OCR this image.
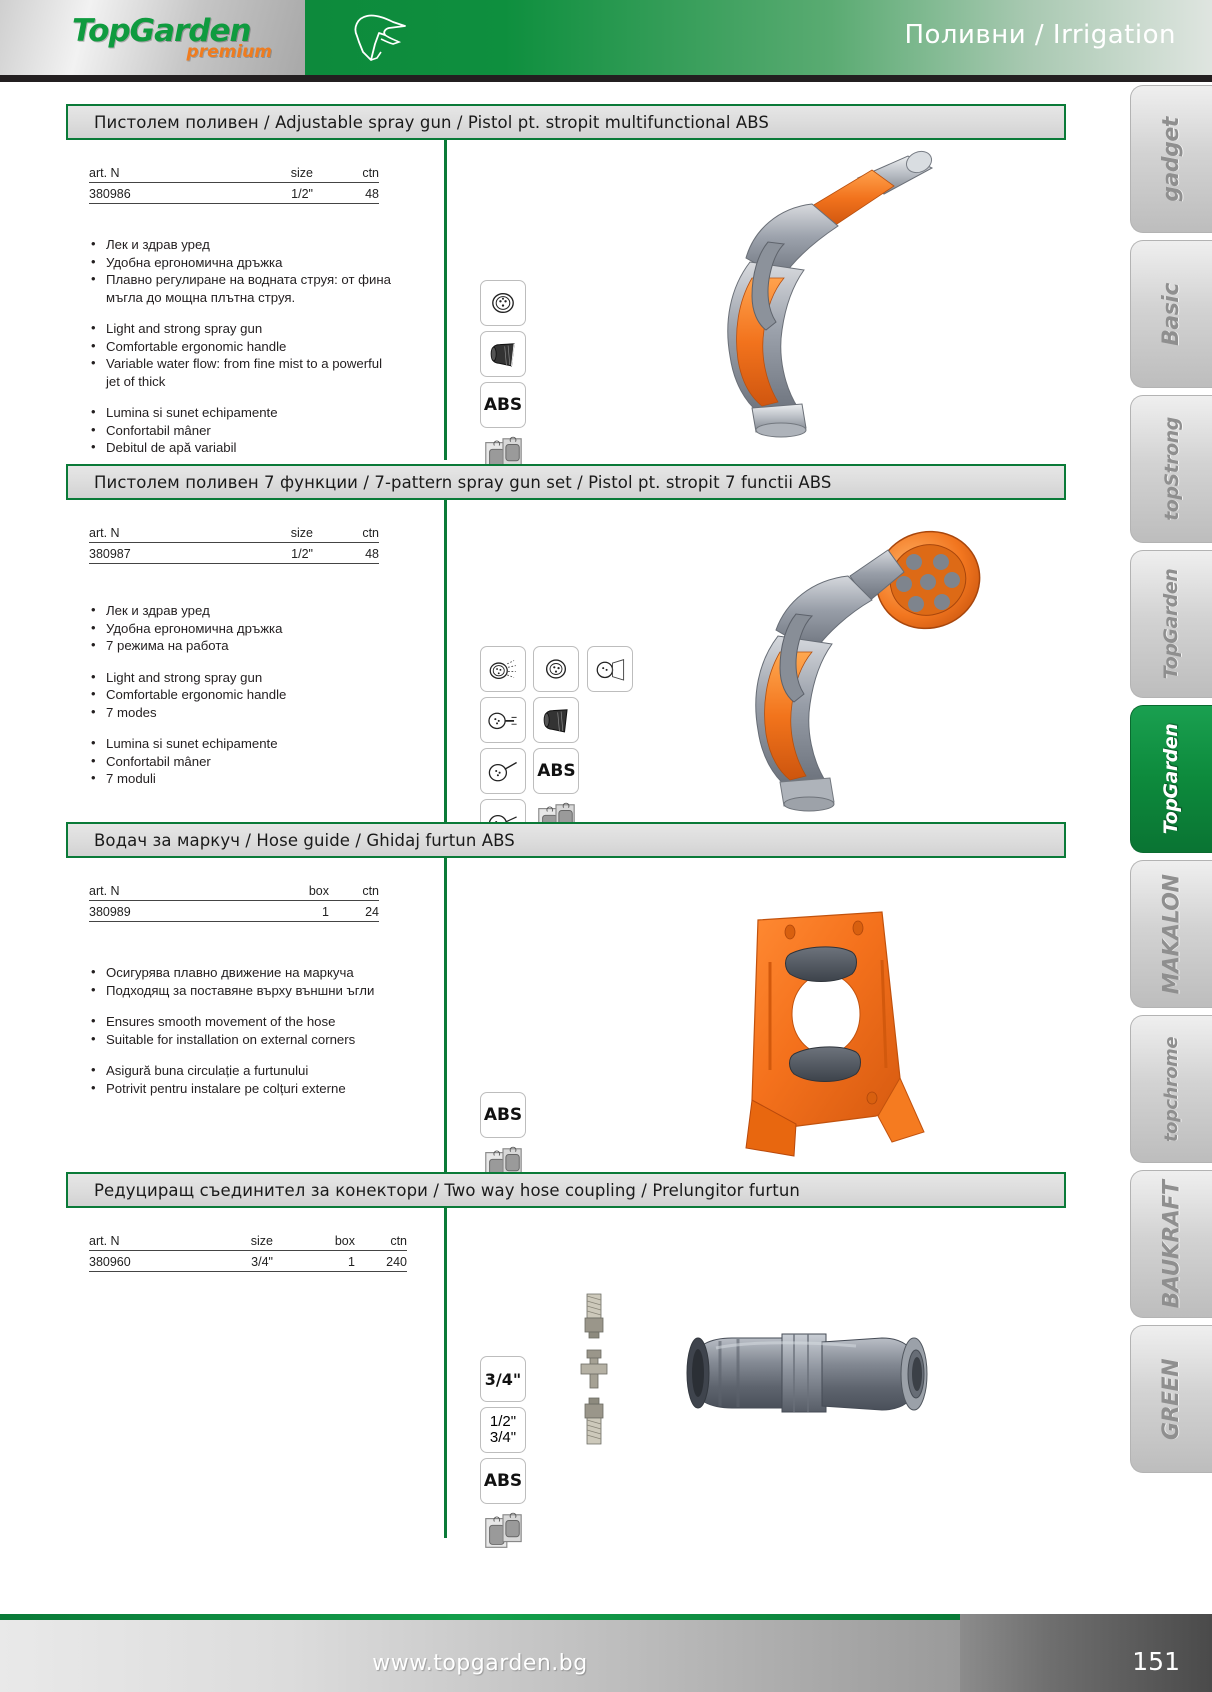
TopGarden
premium
Поливни / Irrigation
gadget
Basic
topStrong
TopGarden
TopGarden
MAKALON
topchrome
BAUKRAFT
GREEN
Пистолем поливен / Adjustable spray gun / Pistol pt. stropit multifunctional ABS
art. N	size	ctn
380986	1/2"	48
• Лек и здрав уред
• Удобна ергономична дръжка
• Плавно регулиране на водната струя: от фина
мъгла до мощна плътна струя.
• Light and strong spray gun
• Comfortable ergonomic handle
• Variable water flow: from fine mist to a powerful
jet of thick
• Lumina si sunet echipamente
• Confortabil mâner
• Debitul de apă variabil

ABS
Пистолем поливен 7 функции / 7-pattern spray gun set / Pistol pt. stropit 7 functii ABS
art. N	size	ctn
380987	1/2"	48
• Лек и здрав уред
• Удобна ергономична дръжка
• 7 режима на работа
• Light and strong spray gun
• Comfortable ergonomic handle
• 7 modes
• Lumina si sunet echipamente
• Confortabil mâner
• 7 moduli

	ABS

Водач за маркуч / Hose guide / Ghidaj furtun ABS
art. N	box	ctn
380989	1	24
• Осигурява плавно движение на маркуча
• Подходящ за поставяне върху външни ъгли
• Ensures smooth movement of the hose
• Suitable for installation on external corners
• Asigură buna circulație a furtunului
• Potrivit pentru instalare pe colțuri externe
ABS

Редуциращ съединител за конектори / Two way hose coupling / Prelungitor furtun
art. N	size	box	ctn
380960	3/4"	1	240
3/4"

1/2"
3/4"

ABS

www.topgarden.bg	151
